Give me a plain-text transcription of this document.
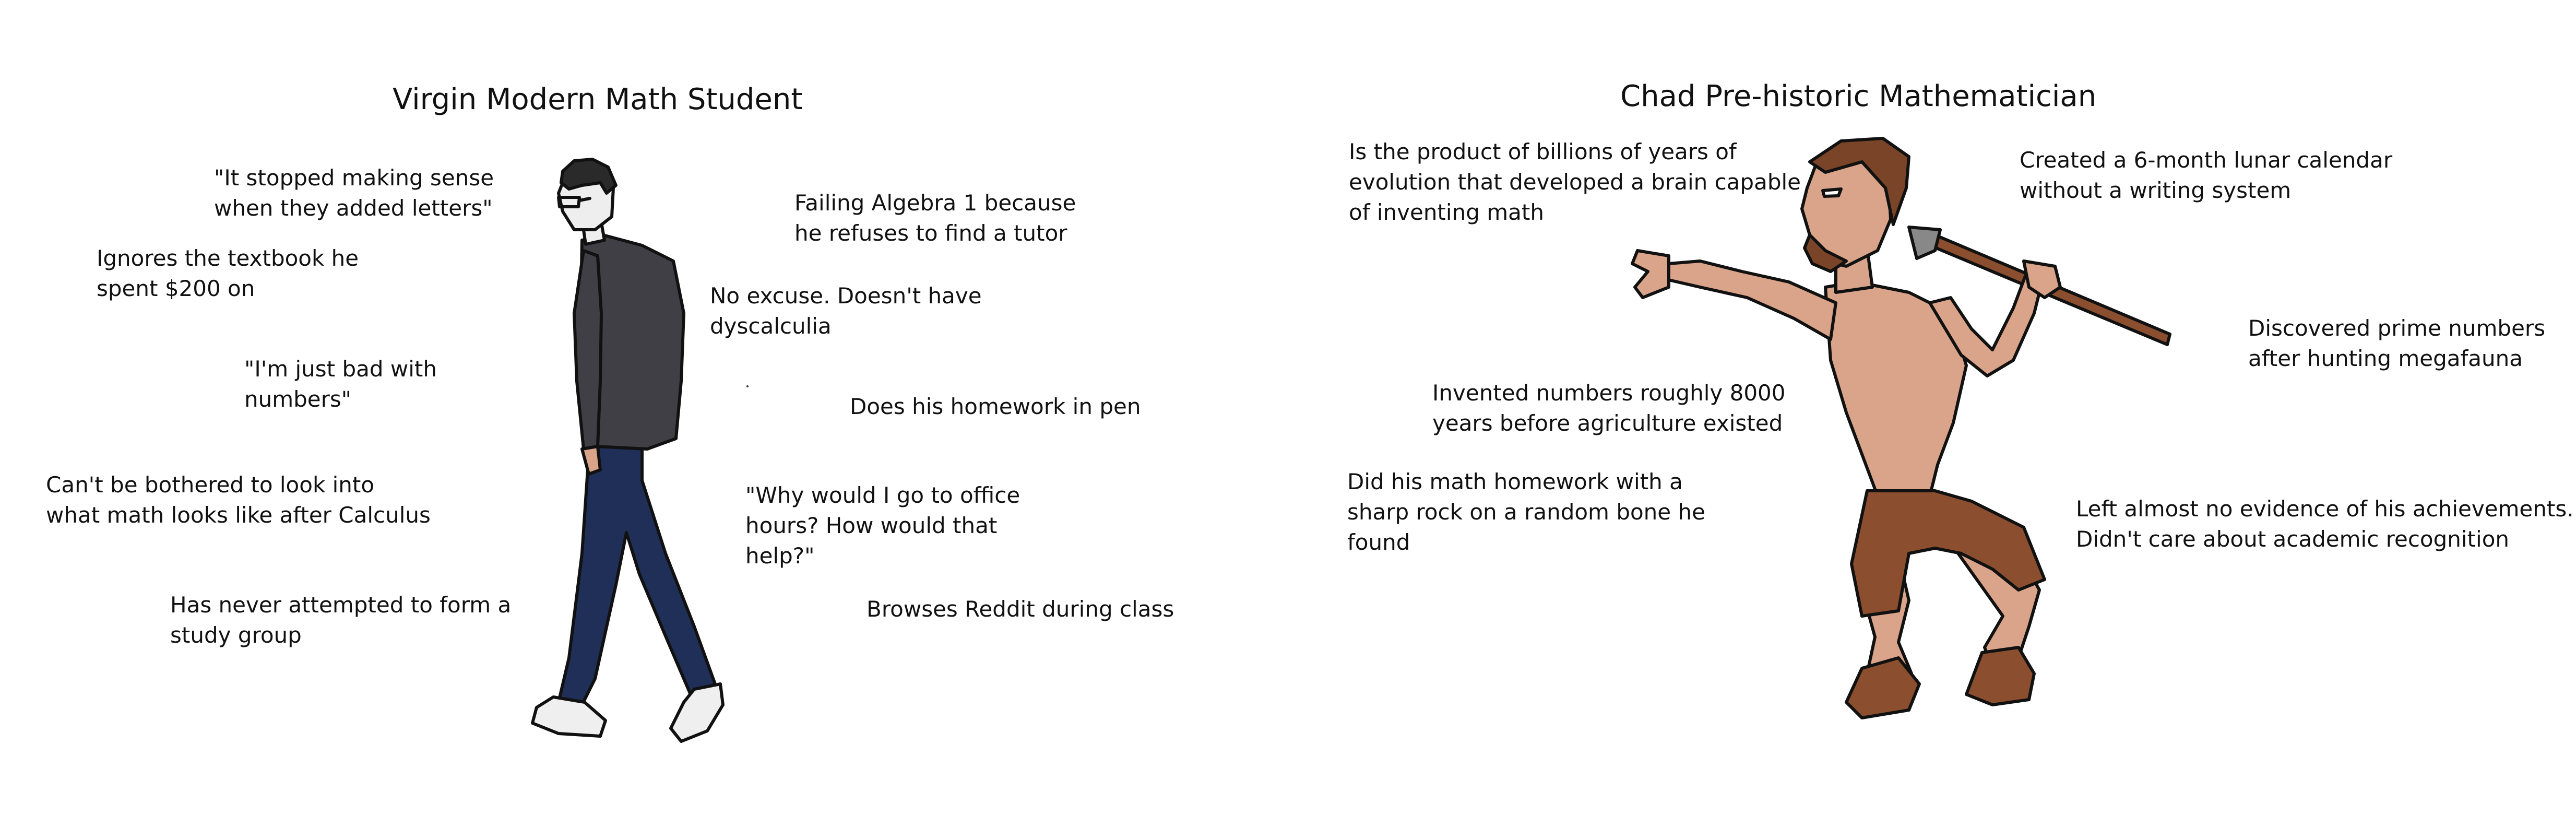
Virgin Modern Math Student
"It stopped making sense
when they added letters"
Ignores the textbook he
spent $200 on
"I'm just bad with
numbers"
Can't be bothered to look into
what math looks like after Calculus
Has never attempted to form a
study group
Failing Algebra 1 because
he refuses to find a tutor
No excuse. Doesn't have
dyscalculia
Does his homework in pen
"Why would I go to office
hours? How would that
help?"
Browses Reddit during class
Chad Pre-historic Mathematician
Is the product of billions of years of
evolution that developed a brain capable
of inventing math
Created a 6-month lunar calendar
without a writing system
Discovered prime numbers
after hunting megafauna
Invented numbers roughly 8000
years before agriculture existed
Did his math homework with a
sharp rock on a random bone he
found
Left almost no evidence of his achievements.
Didn't care about academic recognition
